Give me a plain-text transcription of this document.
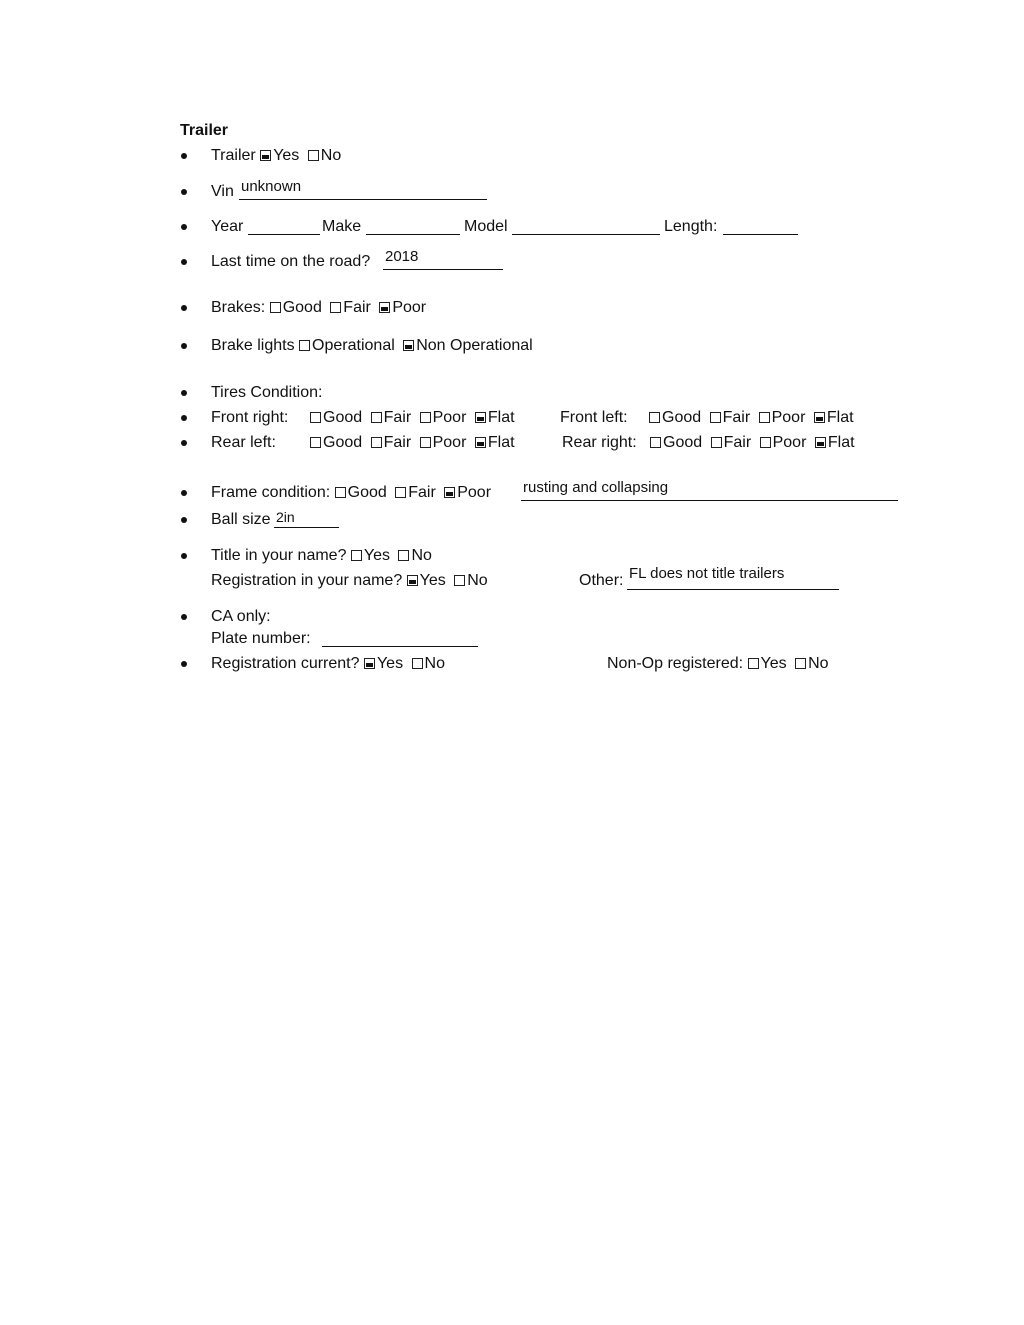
Trailer
Trailer Yes No
Vin unknown
Year	Make	Model	Length:
Last time on the road? 2018
Brakes: Good Fair Poor
Brake lights Operational Non Operational
Tires Condition:
Front right:	Good Fair Poor Flat	Front left:	Good Fair Poor Flat
Rear left:	Good Fair Poor Flat	Rear right:	Good Fair Poor Flat
Frame condition: Good Fair Poor rusting and collapsing
Ball size 2in
Title in your name? Yes No
Registration in your name? Yes No	Other: FL does not title trailers
CA only:
Plate number:
Registration current? Yes No	Non-Op registered: Yes No
